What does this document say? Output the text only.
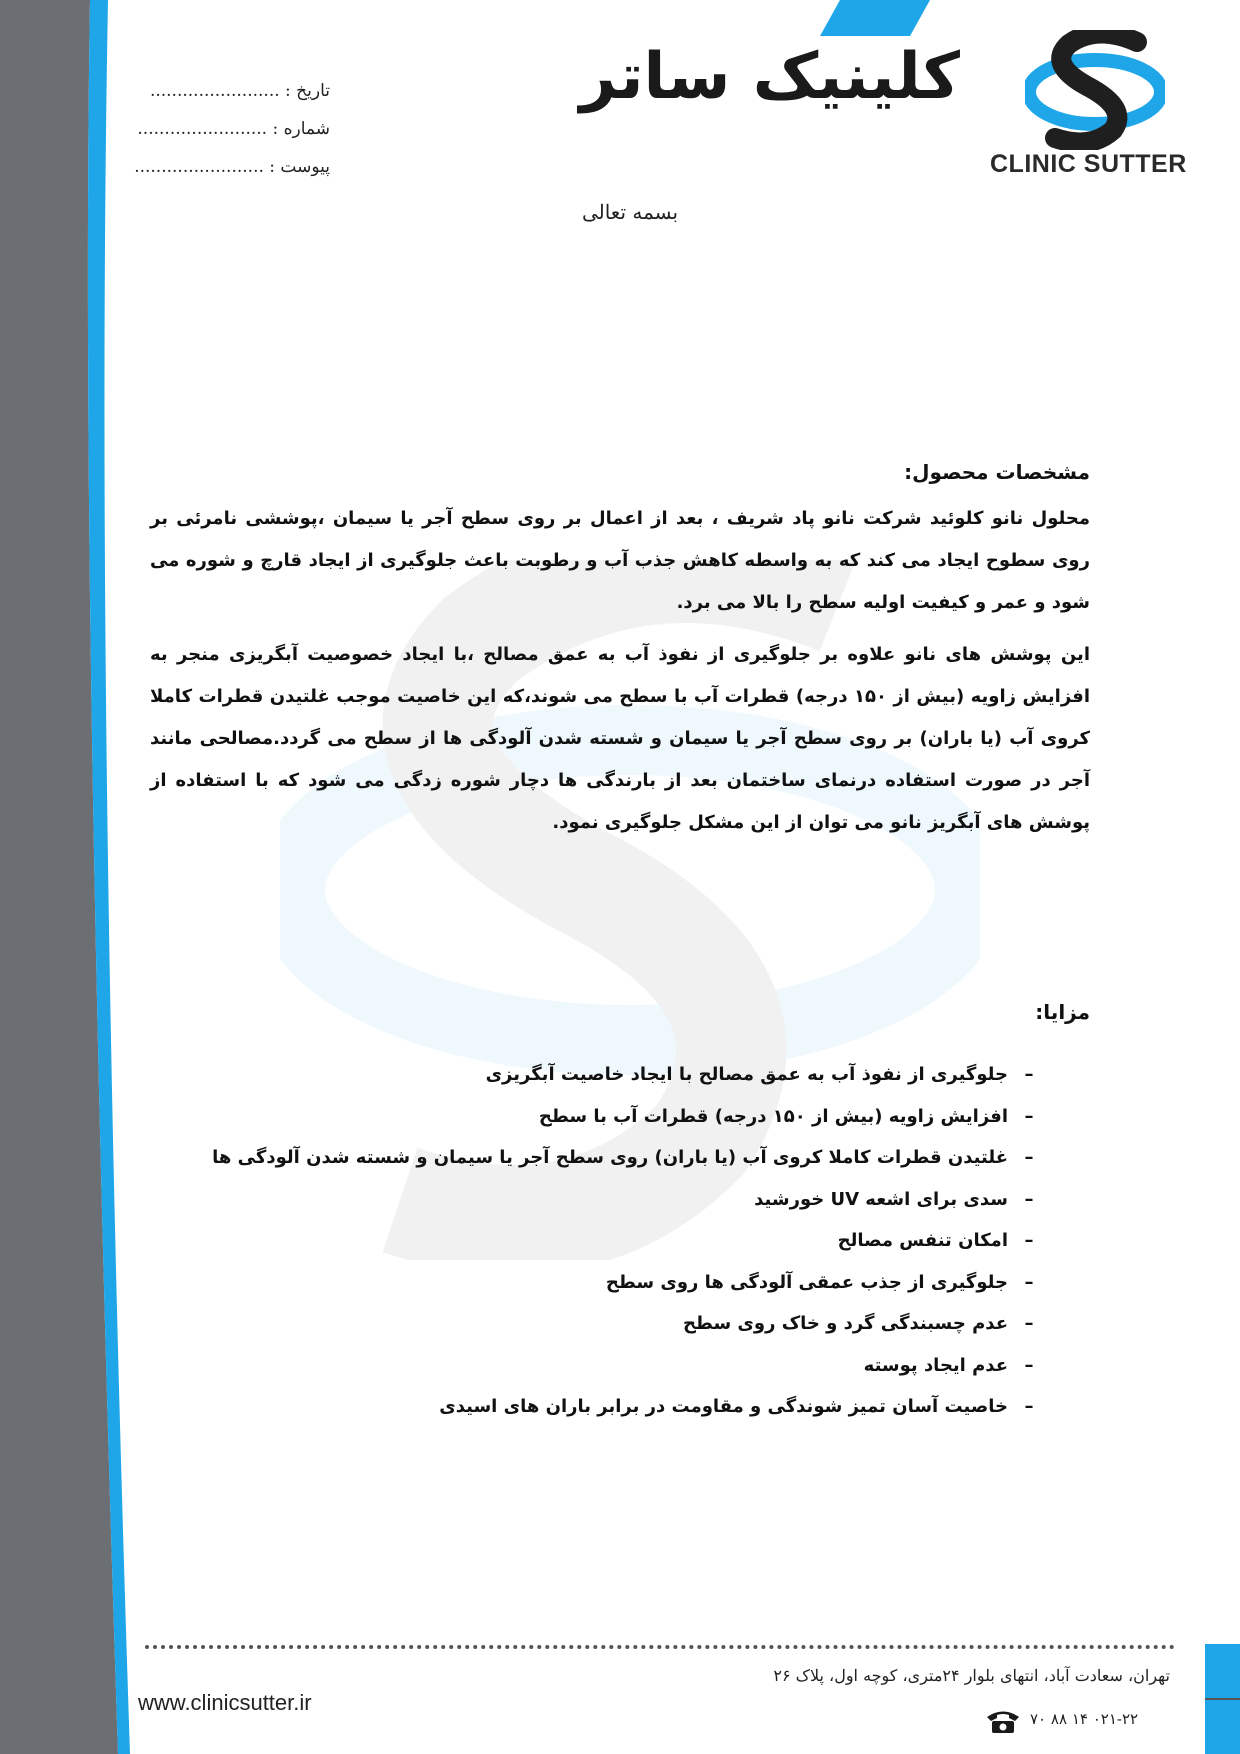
CLINIC SUTTER
کلینیک ساتر
تاریخ : ........................
شماره : ........................
پیوست : ........................
بسمه تعالی
مشخصات محصول:

محلول نانو کلوئید شرکت نانو پاد شریف ، بعد از اعمال بر روی سطح آجر یا سیمان ،پوششی نامرئی بر روی سطوح ایجاد می کند که به واسطه کاهش جذب آب و رطوبت باعث جلوگیری از ایجاد قارچ و شوره می شود و عمر و کیفیت اولیه سطح را بالا می برد.

این پوشش های نانو علاوه بر جلوگیری از نفوذ آب به عمق مصالح ،با ایجاد خصوصیت آبگریزی منجر به افزایش زاویه (بیش از ۱۵۰ درجه) قطرات آب با سطح می شوند،که این خاصیت موجب غلتیدن قطرات کاملا کروی آب (یا باران) بر روی سطح آجر یا سیمان و شسته شدن آلودگی ها از سطح می گردد.مصالحی مانند آجر در صورت استفاده درنمای ساختمان بعد از بارندگی ها دچار شوره زدگی می شود که با استفاده از پوشش های آبگریز نانو می توان از این مشکل جلوگیری نمود.

مزایا:
–جلوگیری از نفوذ آب به عمق مصالح با ایجاد خاصیت آبگریزی
–افزایش زاویه (بیش از ۱۵۰ درجه) قطرات آب با سطح
–غلتیدن قطرات کاملا کروی آب (یا باران) روی سطح آجر یا سیمان و شسته شدن آلودگی ها
–سدی برای اشعه UV خورشید
–امکان تنفس مصالح
–جلوگیری از جذب عمقی آلودگی ها روی سطح
–عدم چسبندگی گرد و خاک روی سطح
–عدم ایجاد پوسته
–خاصیت آسان تمیز شوندگی و مقاومت در برابر باران های اسیدی
تهران، سعادت آباد، انتهای بلوار ۲۴متری، کوچه اول، پلاک ۲۶
www.clinicsutter.ir
۰۲۱-۲۲ ۱۴ ۸۸ ۷۰
